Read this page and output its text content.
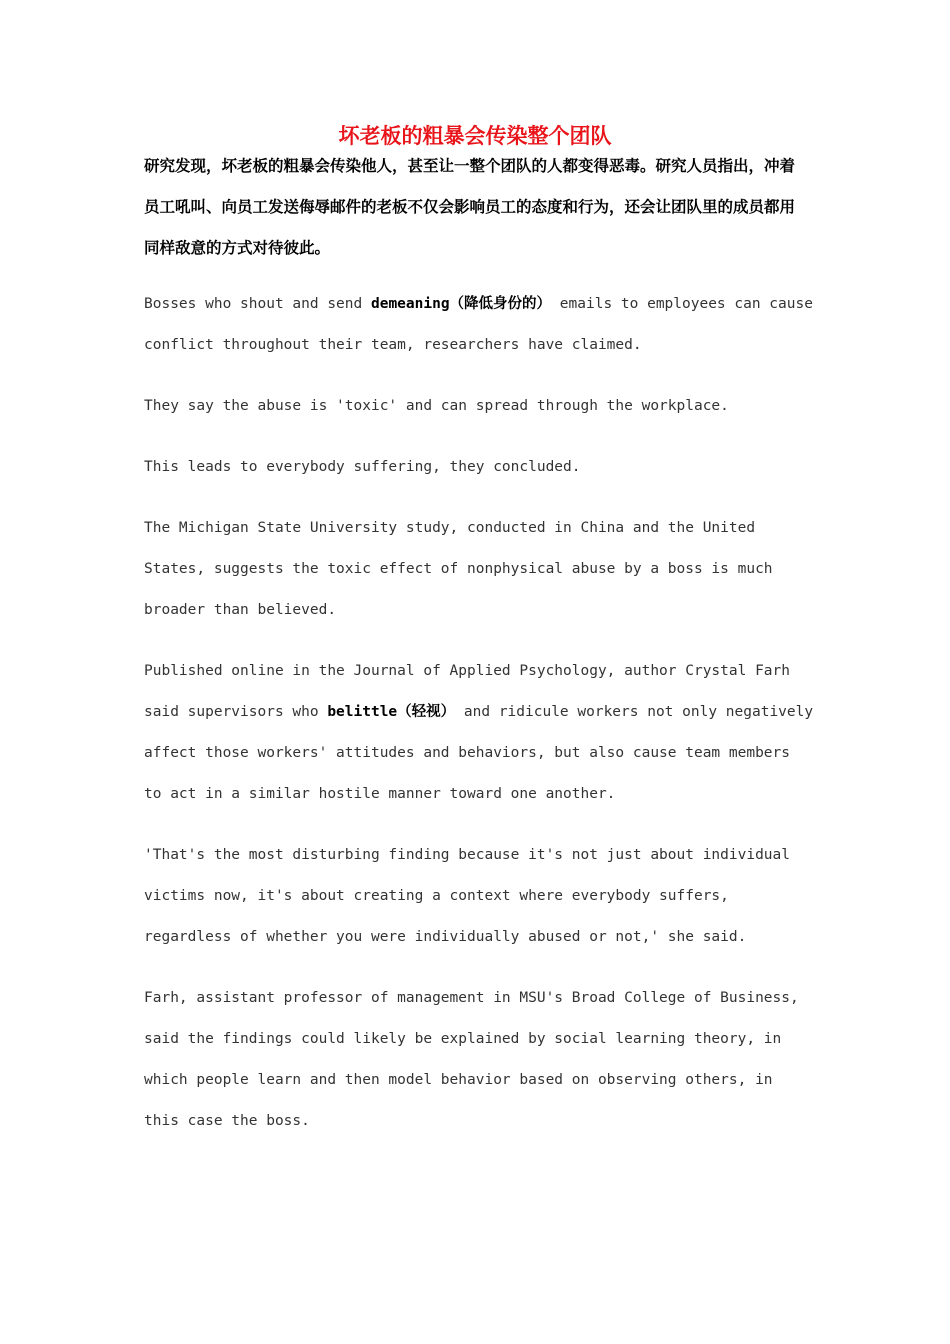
坏老板的粗暴会传染整个团队

研究发现，坏老板的粗暴会传染他人，甚至让一整个团队的人都变得恶毒。研究人员指出，冲着员工吼叫、向员工发送侮辱邮件的老板不仅会影响员工的态度和行为，还会让团队里的成员都用同样敌意的方式对待彼此。

Bosses who shout and send demeaning（降低身份的） emails to employees can cause conflict throughout their team, researchers have claimed.

They say the abuse is 'toxic' and can spread through the workplace.

This leads to everybody suffering, they concluded.

The Michigan State University study, conducted in China and the United States, suggests the toxic effect of nonphysical abuse by a boss is much broader than believed.

Published online in the Journal of Applied Psychology, author Crystal Farh said supervisors who belittle（轻视） and ridicule workers not only negatively affect those workers' attitudes and behaviors, but also cause team members to act in a similar hostile manner toward one another.

'That's the most disturbing finding because it's not just about individual victims now, it's about creating a context where everybody suffers, regardless of whether you were individually abused or not,' she said.

Farh, assistant professor of management in MSU's Broad College of Business, said the findings could likely be explained by social learning theory, in which people learn and then model behavior based on observing others, in this case the boss.
